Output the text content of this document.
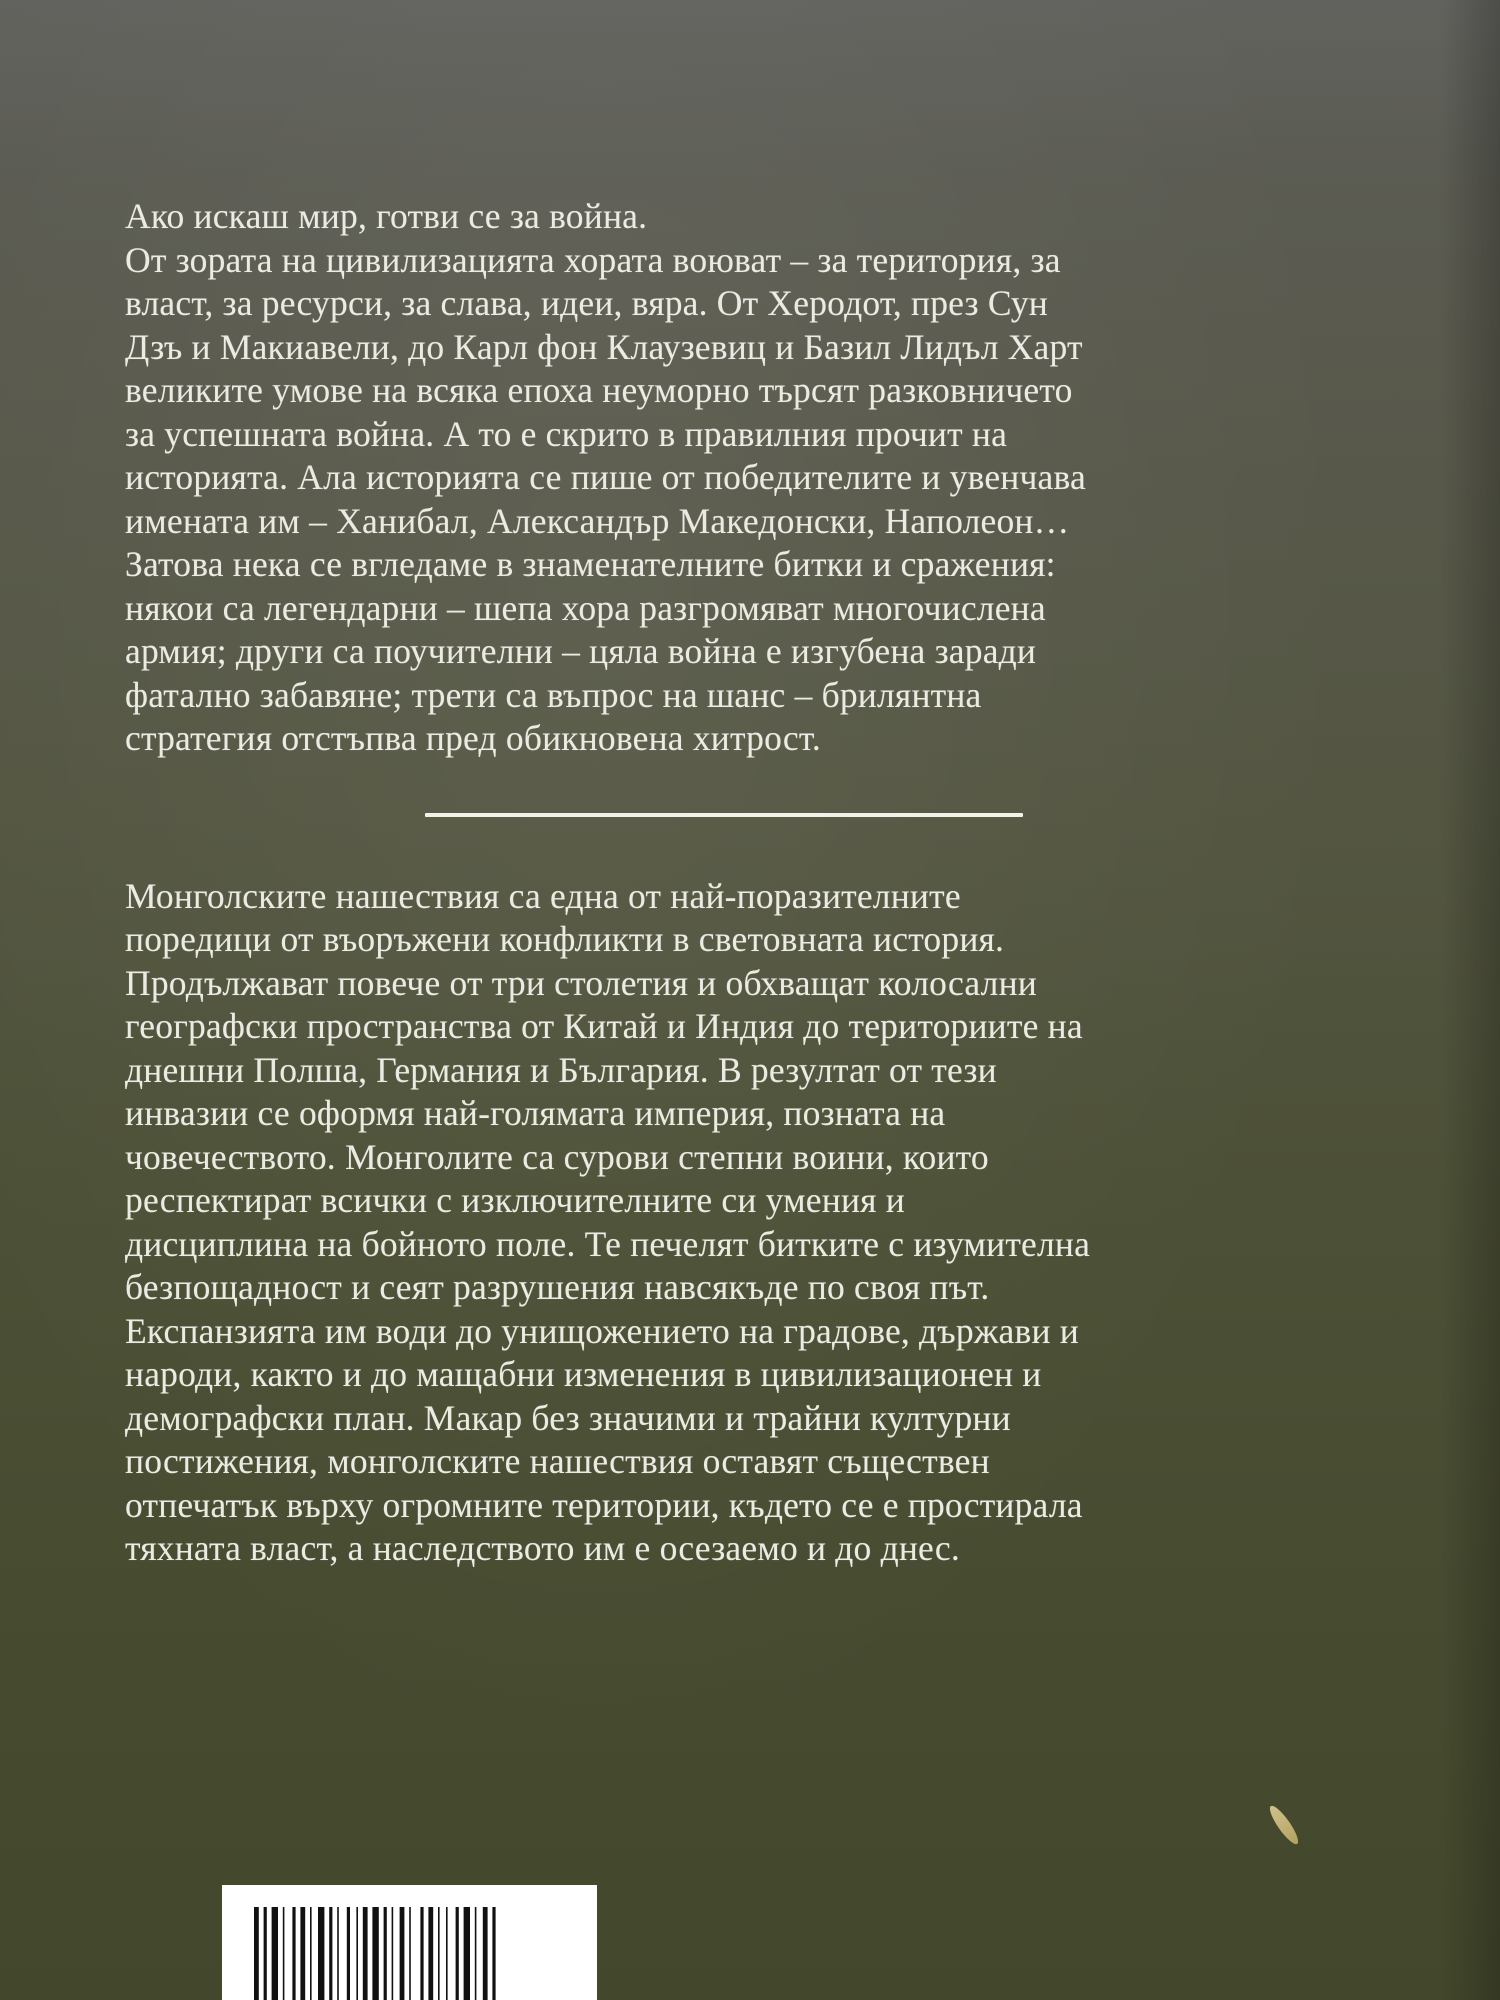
Ако искаш мир, готви се за война.

От зората на цивилизацията хората воюват – за територия, за
власт, за ресурси, за слава, идеи, вяра. От Херодот, през Сун
Дзъ и Макиавели, до Карл фон Клаузевиц и Базил Лидъл Харт
великите умове на всяка епоха неуморно търсят разковничето
за успешната война. А то е скрито в правилния прочит на
историята. Ала историята се пише от победителите и увенчава
имената им – Ханибал, Александър Македонски, Наполеон…
Затова нека се вгледаме в знаменателните битки и сражения:
някои са легендарни – шепа хора разгромяват многочислена
армия; други са поучителни – цяла война е изгубена заради
фатално забавяне; трети са въпрос на шанс – брилянтна
стратегия отстъпва пред обикновена хитрост.

Монголските нашествия са една от най-поразителните
поредици от въоръжени конфликти в световната история.
Продължават повече от три столетия и обхващат колосални
географски пространства от Китай и Индия до териториите на
днешни Полша, Германия и България. В резултат от тези
инвазии се оформя най-голямата империя, позната на
човечеството. Монголите са сурови степни воини, които
респектират всички с изключителните си умения и
дисциплина на бойното поле. Те печелят битките с изумителна
безпощадност и сеят разрушения навсякъде по своя път.
Експанзията им води до унищожението на градове, държави и
народи, както и до мащабни изменения в цивилизационен и
демографски план. Макар без значими и трайни културни
постижения, монголските нашествия оставят съществен
отпечатък върху огромните територии, където се е простирала
тяхната власт, а наследството им е осезаемо и до днес.
